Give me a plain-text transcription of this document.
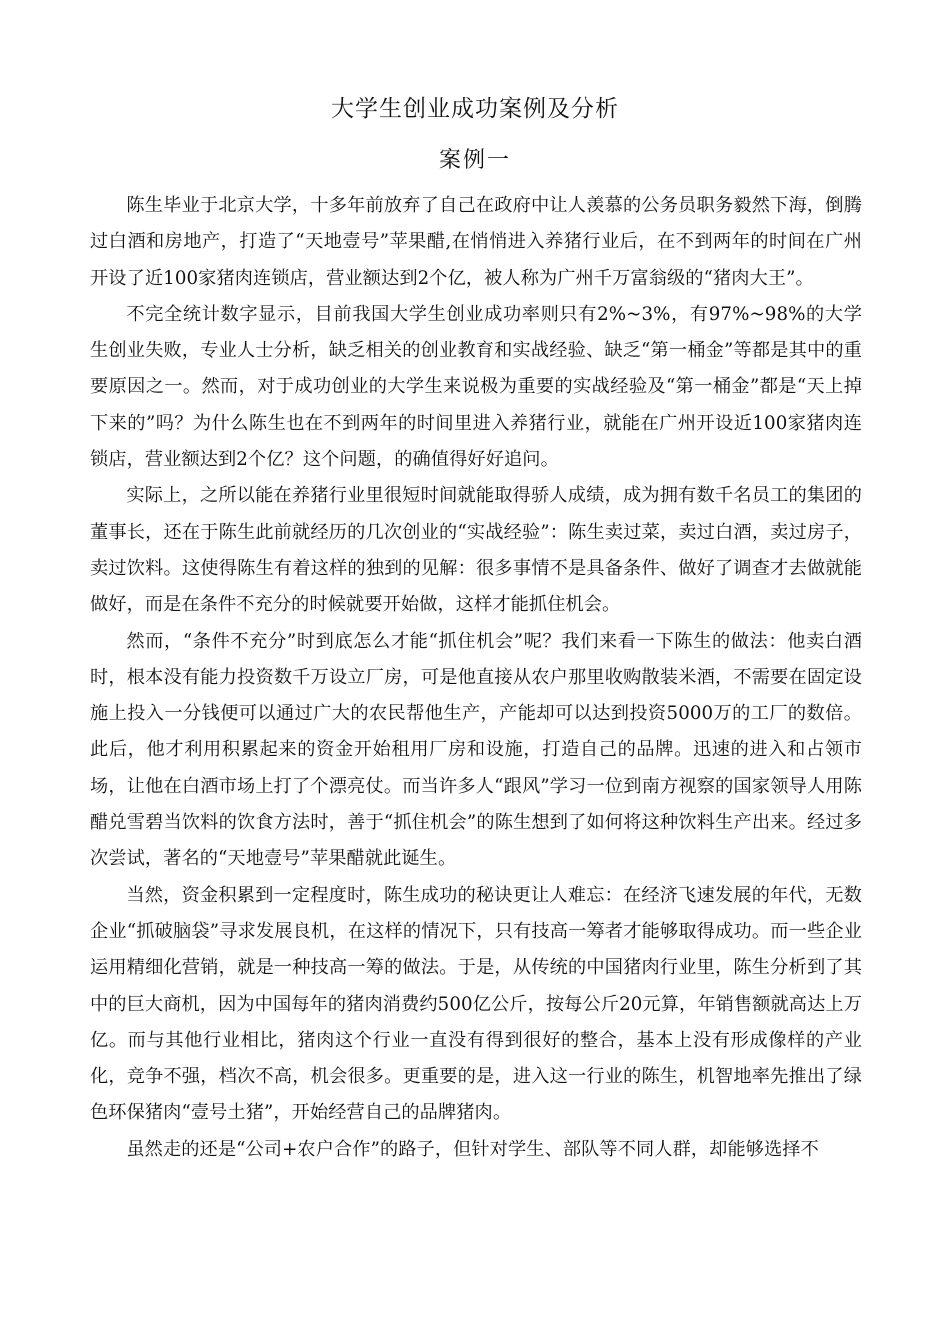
大学生创业成功案例及分析
案例一

陈生毕业于北京大学，十多年前放弃了自己在政府中让人羡慕的公务员职务毅然下海，倒腾过白酒和房地产，打造了“天地壹号”苹果醋,在悄悄进入养猪行业后，在不到两年的时间在广州开设了近100家猪肉连锁店，营业额达到2个亿，被人称为广州千万富翁级的“猪肉大王”。

不完全统计数字显示，目前我国大学生创业成功率则只有2%~3%，有97%~98%的大学生创业失败，专业人士分析，缺乏相关的创业教育和实战经验、缺乏“第一桶金”等都是其中的重要原因之一。然而，对于成功创业的大学生来说极为重要的实战经验及“第一桶金”都是“天上掉下来的”吗？为什么陈生也在不到两年的时间里进入养猪行业，就能在广州开设近100家猪肉连锁店，营业额达到2个亿？这个问题，的确值得好好追问。

实际上，之所以能在养猪行业里很短时间就能取得骄人成绩，成为拥有数千名员工的集团的董事长，还在于陈生此前就经历的几次创业的“实战经验”：陈生卖过菜，卖过白酒，卖过房子，卖过饮料。这使得陈生有着这样的独到的见解：很多事情不是具备条件、做好了调查才去做就能做好，而是在条件不充分的时候就要开始做，这样才能抓住机会。

然而，“条件不充分”时到底怎么才能“抓住机会”呢？我们来看一下陈生的做法：他卖白酒时，根本没有能力投资数千万设立厂房，可是他直接从农户那里收购散装米酒，不需要在固定设施上投入一分钱便可以通过广大的农民帮他生产，产能却可以达到投资5000万的工厂的数倍。此后，他才利用积累起来的资金开始租用厂房和设施，打造自己的品牌。迅速的进入和占领市场，让他在白酒市场上打了个漂亮仗。而当许多人“跟风”学习一位到南方视察的国家领导人用陈醋兑雪碧当饮料的饮食方法时，善于“抓住机会”的陈生想到了如何将这种饮料生产出来。经过多次尝试，著名的“天地壹号”苹果醋就此诞生。

当然，资金积累到一定程度时，陈生成功的秘诀更让人难忘：在经济飞速发展的年代，无数企业“抓破脑袋”寻求发展良机，在这样的情况下，只有技高一筹者才能够取得成功。而一些企业运用精细化营销，就是一种技高一筹的做法。于是，从传统的中国猪肉行业里，陈生分析到了其中的巨大商机，因为中国每年的猪肉消费约500亿公斤，按每公斤20元算，年销售额就高达上万亿。而与其他行业相比，猪肉这个行业一直没有得到很好的整合，基本上没有形成像样的产业化，竞争不强，档次不高，机会很多。更重要的是，进入这一行业的陈生，机智地率先推出了绿色环保猪肉“壹号土猪”，开始经营自己的品牌猪肉。

虽然走的还是“公司+农户合作”的路子，但针对学生、部队等不同人群，却能够选择不
